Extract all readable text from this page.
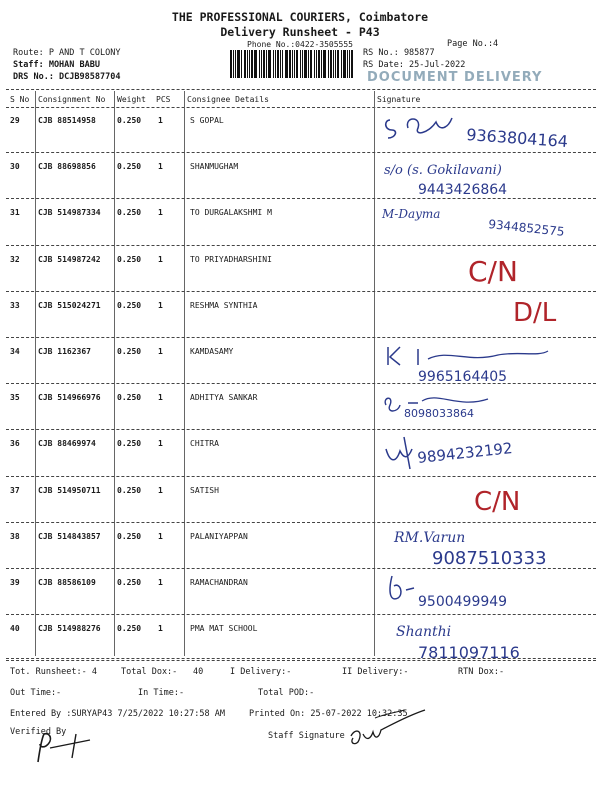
THE PROFESSIONAL COURIERS, Coimbatore
Delivery Runsheet - P43
Phone No.:0422-3505555	Page No.:4
Route: P AND T COLONY
Staff: MOHAN BABU
DRS No.: DCJB98587704
RS No.: 985877
RS Date: 25-Jul-2022
DOCUMENT DELIVERY
S No Consignment No Weight PCS Consignee Details	Signature
29 CJB 88514958	0.250 1	S GOPAL
9363804164
30 CJB 88698856	0.250 1	SHANMUGHAM	s/o (s. Gokilavani)
9443426864
31 CJB 514987334 0.250 1	TO DURGALAKSHMI M	M-Dayma
9344852575
32 CJB 514987242 0.250 1	TO PRIYADHARSHINI	C/N
33 CJB 515024271 0.250 1	RESHMA SYNTHIA	D/L
34 CJB 1162367	0.250 1	KAMDASAMY
9965164405
35 CJB 514966976 0.250 1	ADHITYA SANKAR
8098033864
36 CJB 88469974	0.250 1	CHITRA	9894232192
37 CJB 514950711 0.250 1	SATISH	C/N
38 CJB 514843857 0.250 1	PALANIYAPPAN	RM.Varun
9087510333
39 CJB 88586109	0.250 1	RAMACHANDRAN
9500499949
40 CJB 514988276 0.250 1	PMA MAT SCHOOL	Shanthi
7811097116
Tot. Runsheet:- 4	Total Dox:- 40	I Delivery:-	II Delivery:-	RTN Dox:-
Out Time:-	In Time:-	Total POD:-
Entered By :SURYAP43 7/25/2022 10:27:58 AM	Printed On: 25-07-2022 10:32:35
Verified By	Staff Signature
